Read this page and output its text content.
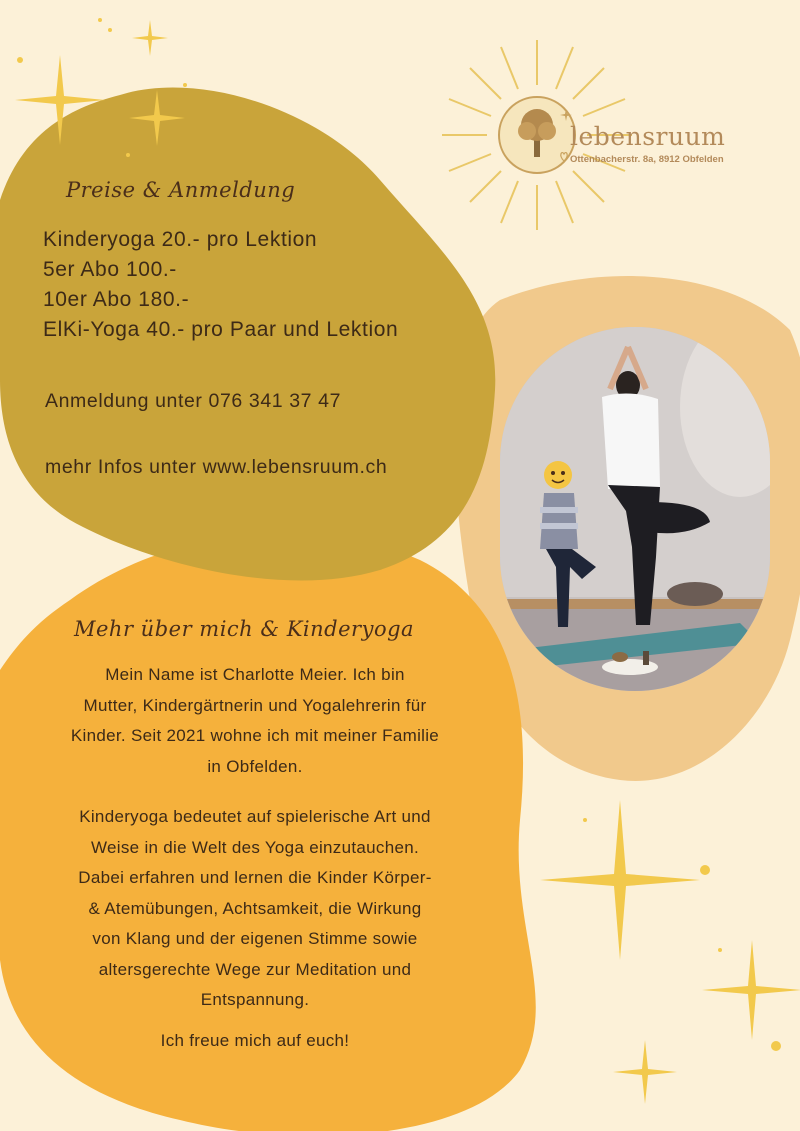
lebensruum
Ottenbacherstr. 8a, 8912 Obfelden
Preise & Anmeldung
Kinderyoga 20.- pro Lektion
5er Abo 100.-
10er Abo 180.-
ElKi-Yoga 40.- pro Paar und Lektion
Anmeldung unter 076 341 37 47
mehr Infos unter www.lebensruum.ch
Mehr über mich & Kinderyoga
Mein Name ist Charlotte Meier. Ich bin
Mutter, Kindergärtnerin und Yogalehrerin für
Kinder. Seit 2021 wohne ich mit meiner Familie
in Obfelden.
Kinderyoga bedeutet auf spielerische Art und
Weise in die Welt des Yoga einzutauchen.
Dabei erfahren und lernen die Kinder Körper-
& Atemübungen, Achtsamkeit, die Wirkung
von Klang und der eigenen Stimme sowie
altersgerechte Wege zur Meditation und
Entspannung.
Ich freue mich auf euch!
